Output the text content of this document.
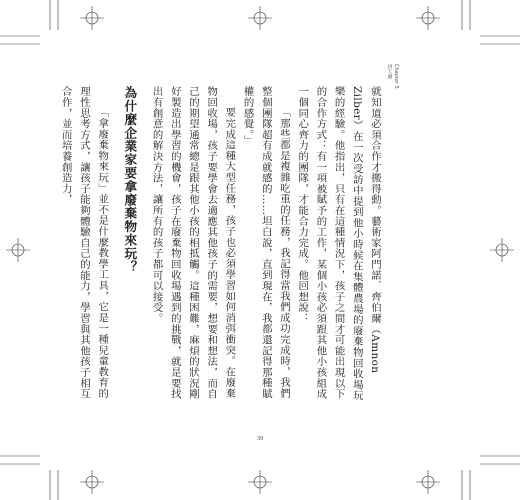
Chapter 5
拼大廢

就知道必須合作才搬得動。藝術家阿門諾．齊伯爾（Amnon Zilber）在一次受訪中提到他小時候在集體農場的廢棄物回收場玩樂的經驗。他指出，只有在這種情況下，孩子之間才可能出現以下的合作方式：有一項被賦予的工作，某個小孩必須跟其他小孩組成一個同心齊力的團隊，才能合力完成。他回想說：

「那些都是複雜吃重的任務，我記得當我們成功完成時，我們整個團隊超有成就感的……坦白說，直到現在，我都還記得那種賦權的感覺。」

要完成這種大型任務，孩子也必須學習如何消弭衝突。在廢棄物回收場，孩子要學會去適應其他孩子的需要，想要和想法，而自己的期望通常總是跟其他小孩的相抵觸。這種困難，麻煩的狀況剛好製造出學習的機會，孩子在廢棄物回收場遇到的挑戰，就是要找出有創意的解決方法，讓所有的孩子都可以接受。

為什麼企業家要拿廢棄物來玩？

「拿廢棄物來玩」並不是什麼教學工具，它是一種兒童教育的理性思考方式，讓孩子能夠體驗自己的能力，學習與其他孩子相互合作，並而培養創造力，

39
